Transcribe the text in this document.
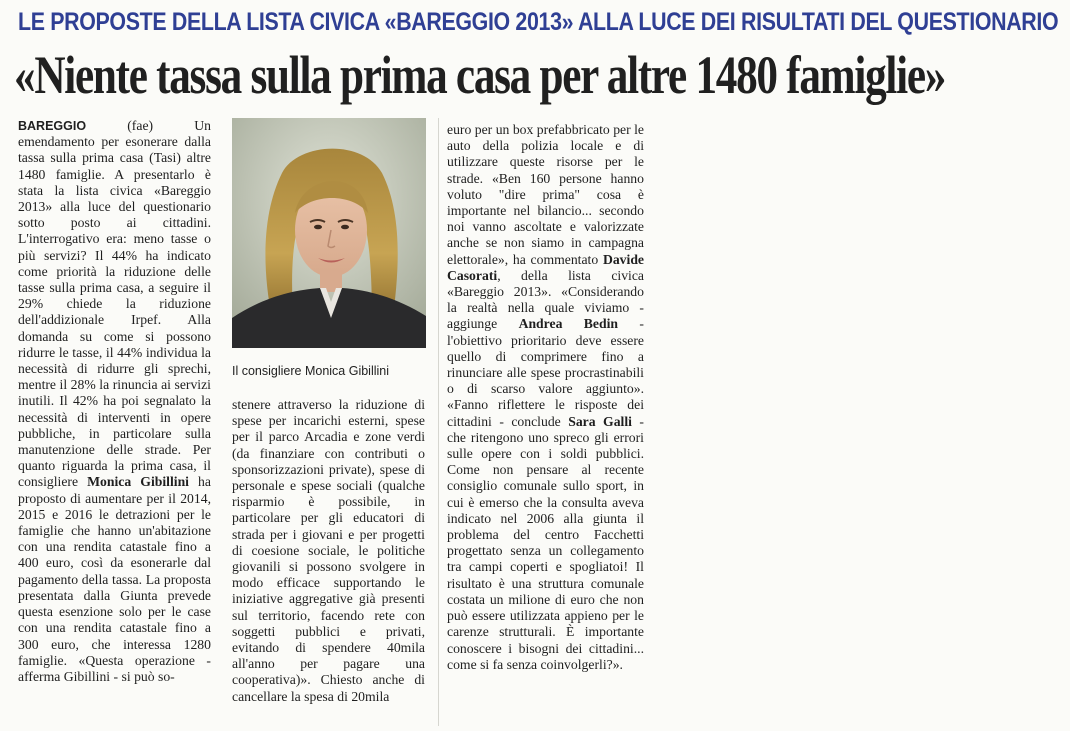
LE PROPOSTE DELLA LISTA CIVICA «BAREGGIO 2013» ALLA LUCE DEI RISULTATI DEL QUESTIONARIO
«Niente tassa sulla prima casa per altre 1480 famiglie»

BAREGGIO (fae) Un emendamento per esonerare dalla tassa sulla prima casa (Tasi) altre 1480 famiglie. A presentarlo è stata la lista civica «Bareggio 2013» alla luce del questionario sotto posto ai cittadini. L'interrogativo era: meno tasse o più servizi? Il 44% ha indicato come priorità la riduzione delle tasse sulla prima casa, a seguire il 29% chiede la riduzione dell'addizionale Irpef. Alla domanda su come si possono ridurre le tasse, il 44% individua la necessità di ridurre gli sprechi, mentre il 28% la rinuncia ai servizi inutili. Il 42% ha poi segnalato la necessità di interventi in opere pubbliche, in particolare sulla manutenzione delle strade. Per quanto riguarda la prima casa, il consigliere Monica Gibillini ha proposto di aumentare per il 2014, 2015 e 2016 le detrazioni per le famiglie che hanno un'abitazione con una rendita catastale fino a 400 euro, così da esonerarle dal pagamento della tassa. La proposta presentata dalla Giunta prevede questa esenzione solo per le case con una rendita catastale fino a 300 euro, che interessa 1280 famiglie. «Questa operazione - afferma Gibillini - si può so-

Il consigliere Monica Gibillini

stenere attraverso la riduzione di spese per incarichi esterni, spese per il parco Arcadia e zone verdi (da finanziare con contributi o sponsorizzazioni private), spese di personale e spese sociali (qualche risparmio è possibile, in particolare per gli educatori di strada per i giovani e per progetti di coesione sociale, le politiche giovanili si possono svolgere in modo efficace supportando le iniziative aggregative già presenti sul territorio, facendo rete con soggetti pubblici e privati, evitando di spendere 40mila all'anno per pagare una cooperativa)». Chiesto anche di cancellare la spesa di 20mila

euro per un box prefabbricato per le auto della polizia locale e di utilizzare queste risorse per le strade. «Ben 160 persone hanno voluto "dire prima" cosa è importante nel bilancio... secondo noi vanno ascoltate e valorizzate anche se non siamo in campagna elettorale», ha commentato Davide Casorati, della lista civica «Bareggio 2013». «Considerando la realtà nella quale viviamo - aggiunge Andrea Bedin - l'obiettivo prioritario deve essere quello di comprimere fino a rinunciare alle spese procrastinabili o di scarso valore aggiunto». «Fanno riflettere le risposte dei cittadini - conclude Sara Galli - che ritengono uno spreco gli errori sulle opere con i soldi pubblici. Come non pensare al recente consiglio comunale sullo sport, in cui è emerso che la consulta aveva indicato nel 2006 alla giunta il problema del centro Facchetti progettato senza un collegamento tra campi coperti e spogliatoi! Il risultato è una struttura comunale costata un milione di euro che non può essere utilizzata appieno per le carenze strutturali. È importante conoscere i bisogni dei cittadini... come si fa senza coinvolgerli?».
